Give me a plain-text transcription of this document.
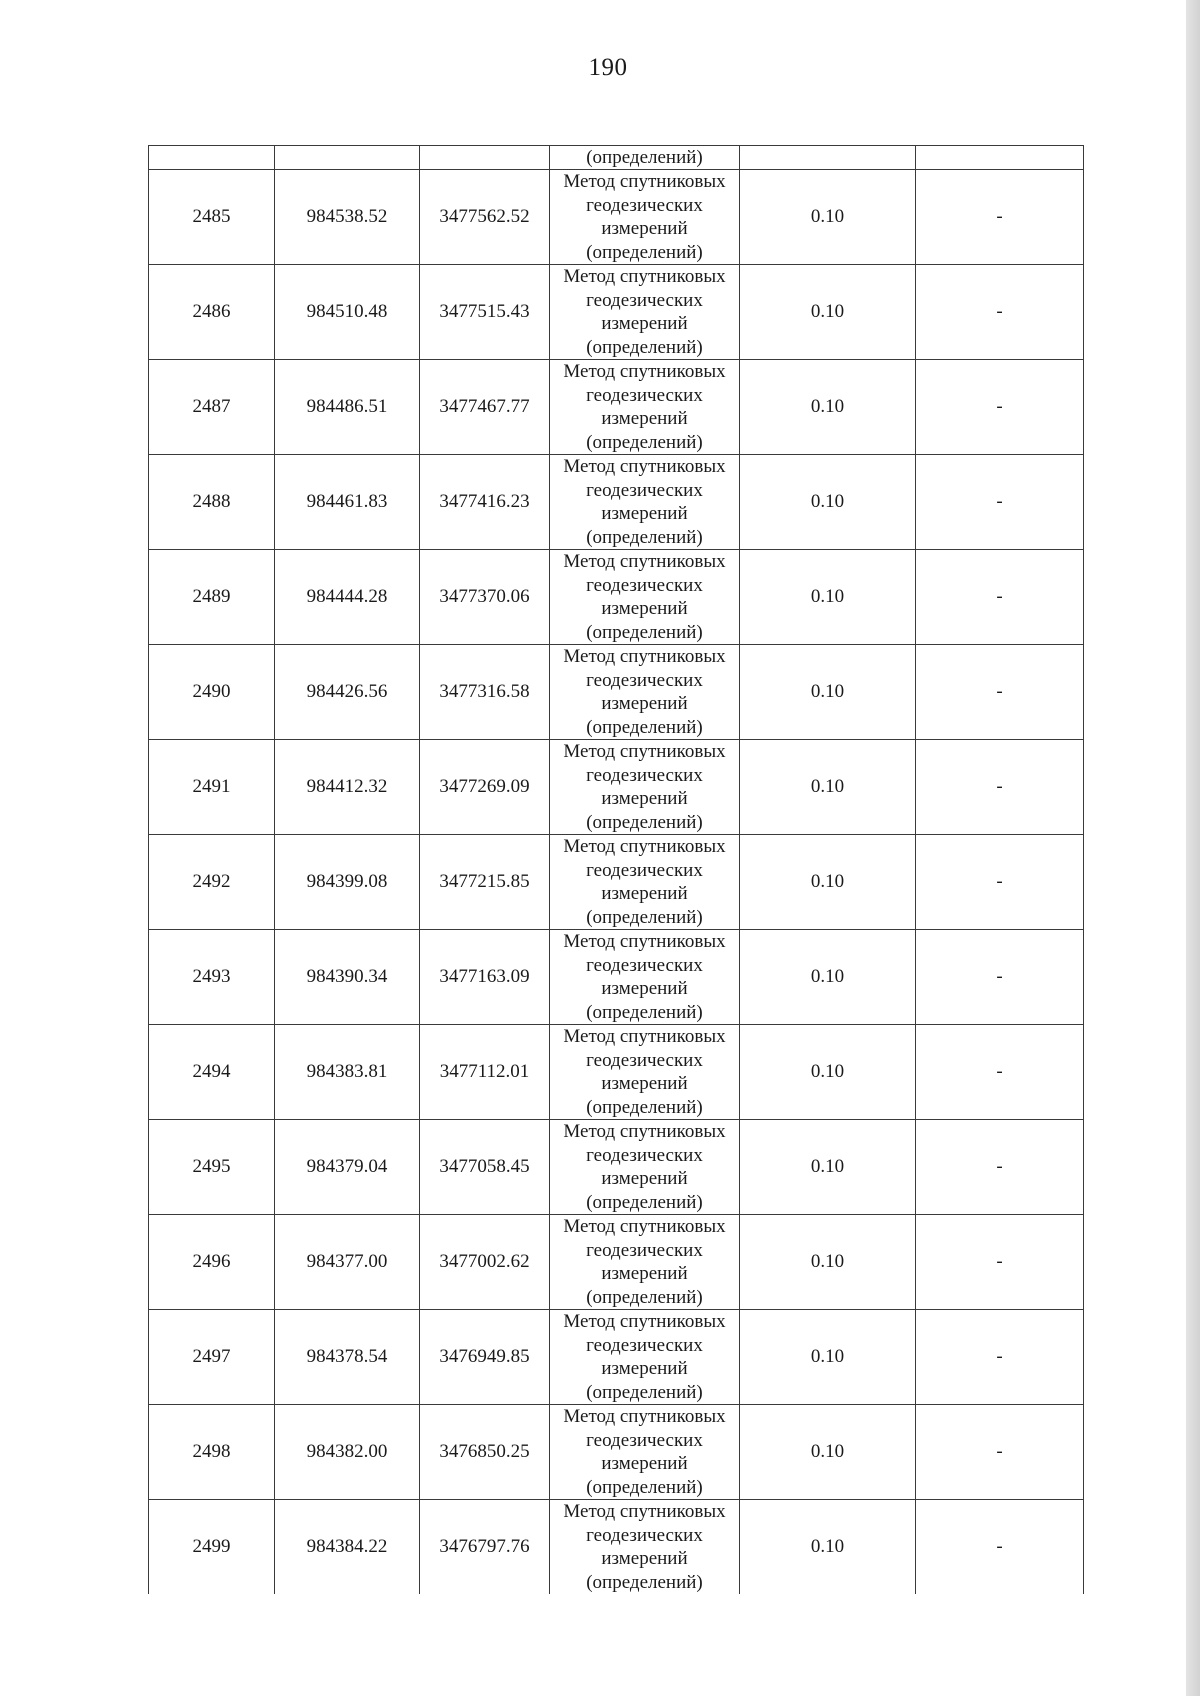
190
			(определений)		
2485	984538.52	3477562.52	Метод спутниковых
геодезических
измерений
(определений)	0.10	-
2486	984510.48	3477515.43	Метод спутниковых
геодезических
измерений
(определений)	0.10	-
2487	984486.51	3477467.77	Метод спутниковых
геодезических
измерений
(определений)	0.10	-
2488	984461.83	3477416.23	Метод спутниковых
геодезических
измерений
(определений)	0.10	-
2489	984444.28	3477370.06	Метод спутниковых
геодезических
измерений
(определений)	0.10	-
2490	984426.56	3477316.58	Метод спутниковых
геодезических
измерений
(определений)	0.10	-
2491	984412.32	3477269.09	Метод спутниковых
геодезических
измерений
(определений)	0.10	-
2492	984399.08	3477215.85	Метод спутниковых
геодезических
измерений
(определений)	0.10	-
2493	984390.34	3477163.09	Метод спутниковых
геодезических
измерений
(определений)	0.10	-
2494	984383.81	3477112.01	Метод спутниковых
геодезических
измерений
(определений)	0.10	-
2495	984379.04	3477058.45	Метод спутниковых
геодезических
измерений
(определений)	0.10	-
2496	984377.00	3477002.62	Метод спутниковых
геодезических
измерений
(определений)	0.10	-
2497	984378.54	3476949.85	Метод спутниковых
геодезических
измерений
(определений)	0.10	-
2498	984382.00	3476850.25	Метод спутниковых
геодезических
измерений
(определений)	0.10	-
2499	984384.22	3476797.76	Метод спутниковых
геодезических
измерений
(определений)	0.10	-
